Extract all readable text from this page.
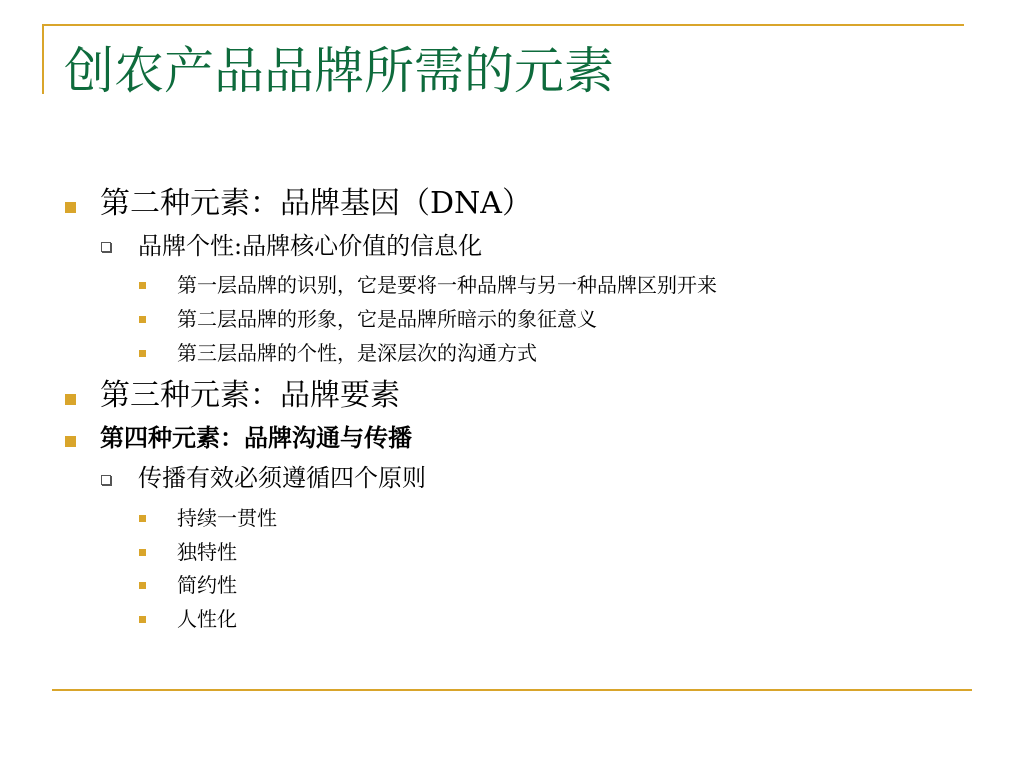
创农产品品牌所需的元素
第二种元素：品牌基因（DNA）
品牌个性:品牌核心价值的信息化
第一层品牌的识别，它是要将一种品牌与另一种品牌区别开来
第二层品牌的形象，它是品牌所暗示的象征意义
第三层品牌的个性，是深层次的沟通方式
第三种元素：品牌要素
第四种元素：品牌沟通与传播
传播有效必须遵循四个原则
持续一贯性
独特性
简约性
人性化
